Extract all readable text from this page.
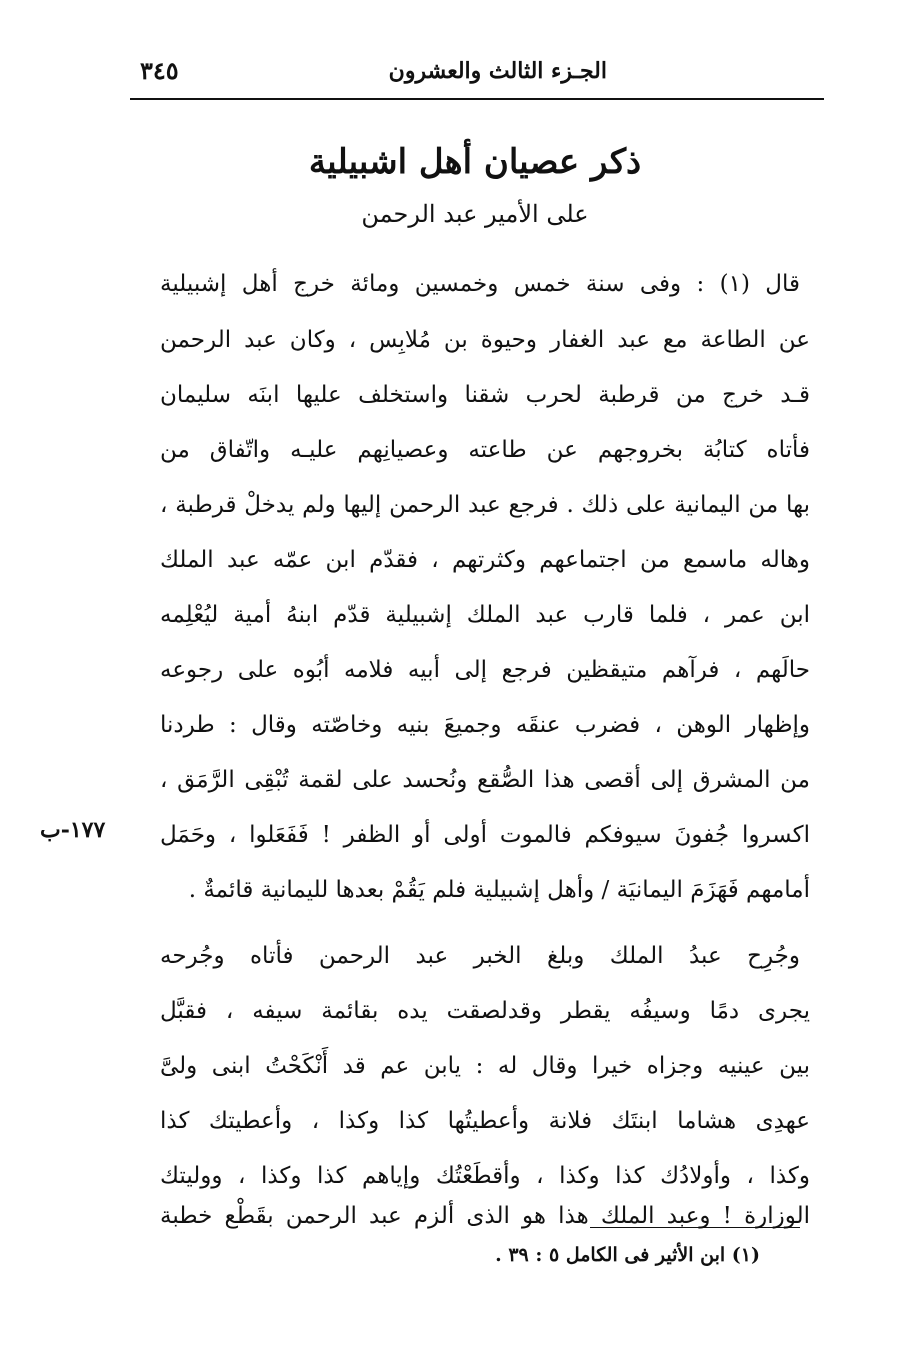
الجـزء الثالث والعشرون
٣٤٥
ذكر عصيان أهل اشبيلية
على الأمير عبد الرحمن
قال (١) : وفى سنة خمس وخمسين ومائة خرج أهل إشبيلية
عن الطاعة مع عبد الغفار وحيوة بن مُلابِس ، وكان عبد الرحمن
قـد خرج من قرطبة لحرب شقنا واستخلف عليها ابنَه سليمان
فأتاه كتابُة بخروجهم عن طاعته وعصيانِهم عليـه واتّفاق من
بها من اليمانية على ذلك . فرجع عبد الرحمن إليها ولم يدخلْ قرطبة ،
وهاله ماسمع من اجتماعهم وكثرتهم ، فقدّم ابن عمّه عبد الملك
ابن عمر ، فلما قارب عبد الملك إشبيلية قدّم ابنهُ أمية ليُعْلِمه
حالَهم ، فرآهم متيقظين فرجع إلى أبيه فلامه أبُوه على رجوعه
وإظهار الوهن ، فضرب عنقَه وجميعَ بنيه وخاصّته وقال : طردنا
من المشرق إلى أقصى هذا الصُّقع ونُحسد على لقمة تُبْقِى الرَّمَق ،
اكسروا جُفونَ سيوفكم فالموت أولى أو الظفر ! فَفَعَلوا ، وحَمَل
أمامهم فَهَزَمَ اليمانيَة / وأهل إشبيلية فلم يَقُمْ بعدها لليمانية قائمةٌ .
وجُرِح عبدُ الملك وبلغ الخبر عبد الرحمن فأتاه وجُرحه
يجرى دمًا وسيفُه يقطر وقدلصقت يده بقائمة سيفه ، فقبَّل
بين عينيه وجزاه خيرا وقال له : يابن عم قد أَنْكَحْتُ ابنى ولىَّ
عهدِى هشاما ابنتَك فلانة وأعطيتُها كذا وكذا ، وأعطيتك كذا
وكذا ، وأولادُك كذا وكذا ، وأقطَعْتُك وإياهم كذا وكذا ، ووليتك
الوزارة ! وعبد الملك هذا هو الذى ألزم عبد الرحمن بقَطْع خطبة
١٧٧-ب
(١) ابن الأثير فى الكامل ٥ : ٣٩ .
